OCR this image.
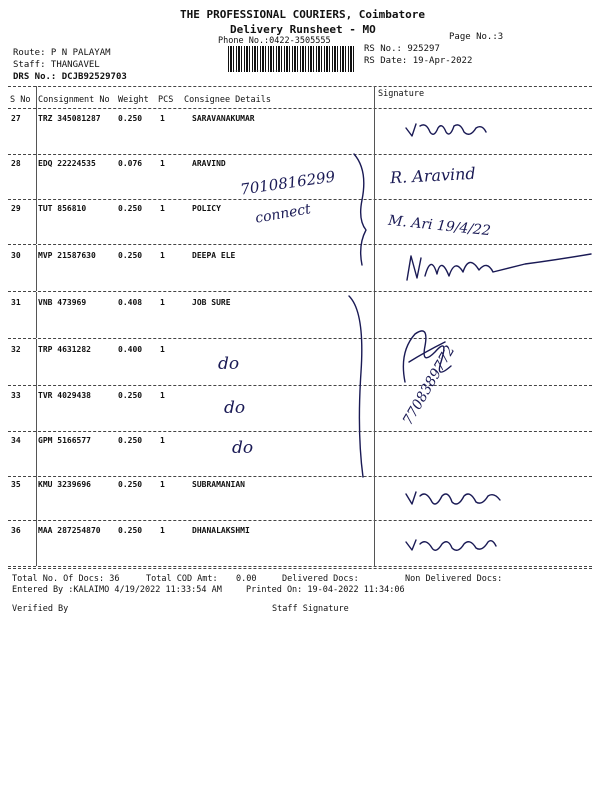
THE PROFESSIONAL COURIERS, Coimbatore
Delivery Runsheet - MO
Phone No.:0422-3505555	Page No.:3
Route: P N PALAYAM
Staff: THANGAVEL
DRS No.: DCJB92529703
RS No.: 925297
RS Date: 19-Apr-2022
S No Consignment No Weight PCS Consignee Details
Signature
27 TRZ 345081287 0.250 1	SARAVANAKUMAR
28 EDQ 22224535	0.076 1	ARAVIND
29 TUT 856810	0.250 1	POLICY
30 MVP 21587630	0.250 1	DEEPA ELE
31 VNB 473969	0.408 1	JOB SURE
32 TRP 4631282	0.400 1
33 TVR 4029438	0.250 1
34 GPM 5166577	0.250 1
35 KMU 3239696	0.250 1	SUBRAMANIAN
36 MAA 287254870 0.250 1	DHANALAKSHMI
7010816299
connect
do
do
do
R. Aravind
M. Ari 19/4/22
7708389772
Total No. Of Docs: 36	Total COD Amt: 0.00	Delivered Docs:	Non Delivered Docs:
Entered By :KALAIMO 4/19/2022 11:33:54 AM	Printed On: 19-04-2022 11:34:06
Verified By	Staff Signature
